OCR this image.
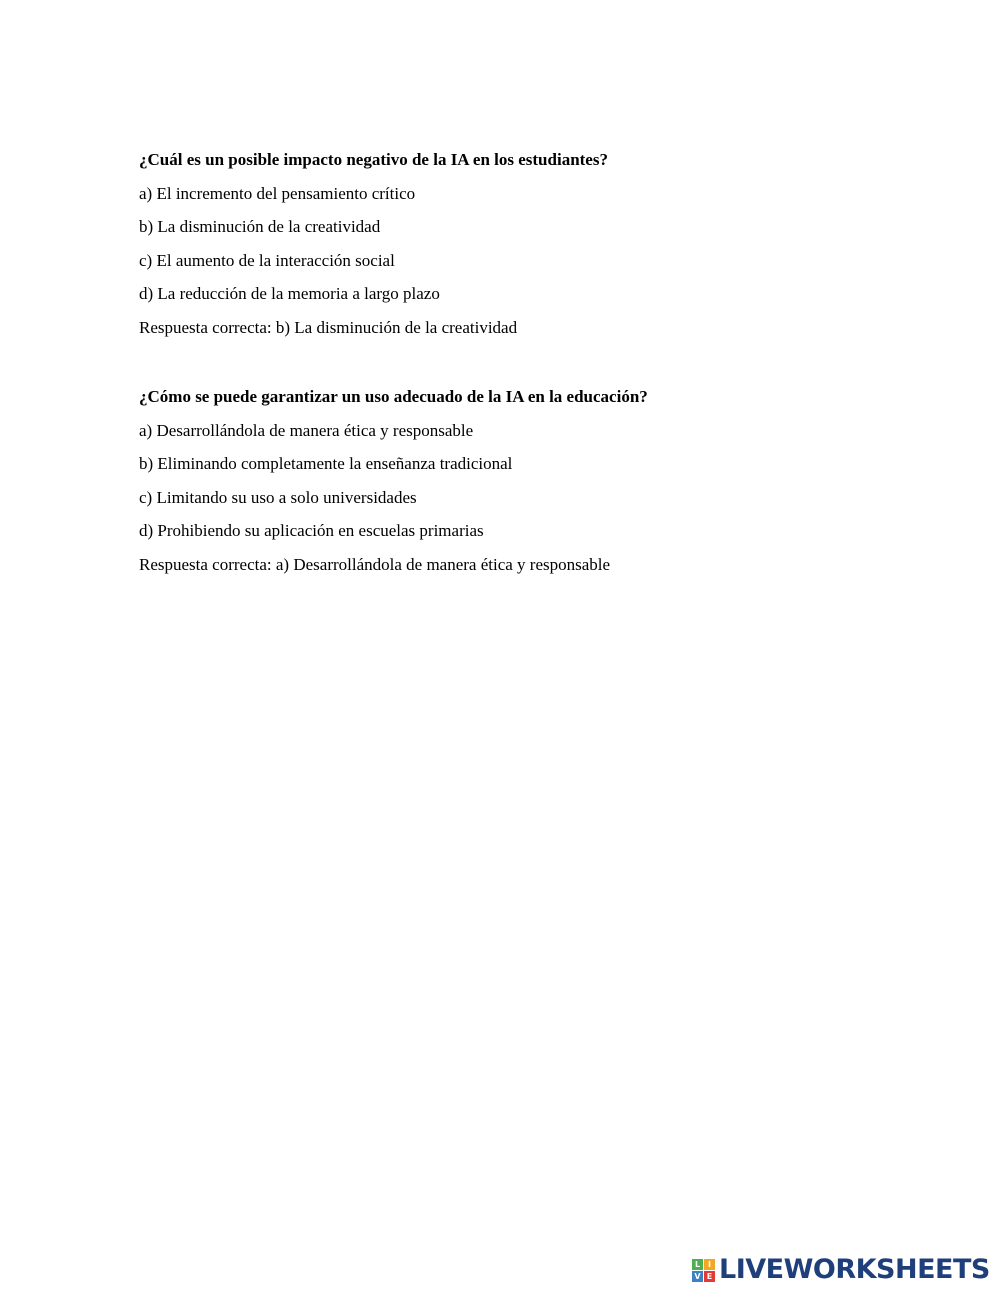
¿Cuál es un posible impacto negativo de la IA en los estudiantes?
a) El incremento del pensamiento crítico
b) La disminución de la creatividad
c) El aumento de la interacción social
d) La reducción de la memoria a largo plazo
Respuesta correcta: b) La disminución de la creatividad
¿Cómo se puede garantizar un uso adecuado de la IA en la educación?
a) Desarrollándola de manera ética y responsable
b) Eliminando completamente la enseñanza tradicional
c) Limitando su uso a solo universidades
d) Prohibiendo su aplicación en escuelas primarias
Respuesta correcta: a) Desarrollándola de manera ética y responsable
L I
V E LIVEWORKSHEETS
